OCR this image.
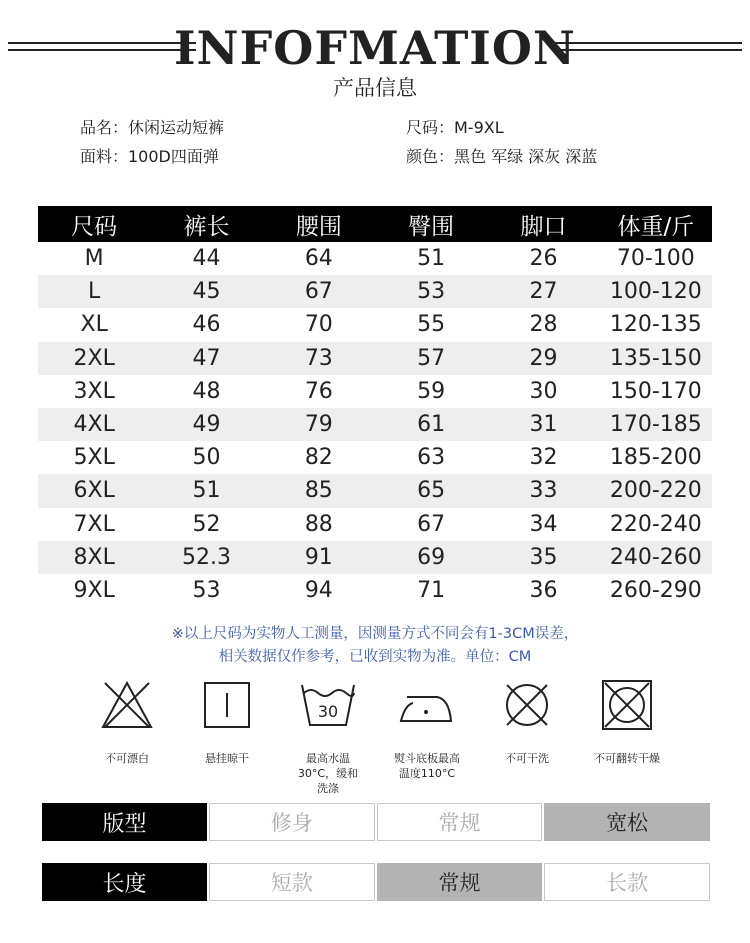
INFOFMATION
产品信息
品名：休闲运动短裤	尺码：M-9XL
面料：100D四面弹	颜色：黑色 军绿 深灰 深蓝
尺码	裤长	腰围	臀围	脚口	体重/斤
M	44	64	51	26	70-100
L	45	67	53	27	100-120
XL	46	70	55	28	120-135
2XL	47	73	57	29	135-150
3XL	48	76	59	30	150-170
4XL	49	79	61	31	170-185
5XL	50	82	63	32	185-200
6XL	51	85	65	33	200-220
7XL	52	88	67	34	220-240
8XL	52.3	91	69	35	240-260
9XL	53	94	71	36	260-290
※以上尺码为实物人工测量，因测量方式不同会有1-3CM误差，
相关数据仅作参考，已收到实物为准。单位：CM
不可漂白	悬挂晾干
30
最高水温30°C，缓和洗涤
熨斗底板最高温度110°C
不可干洗	不可翻转干燥
版型	修身	常规	宽松
长度	短款	常规	长款
